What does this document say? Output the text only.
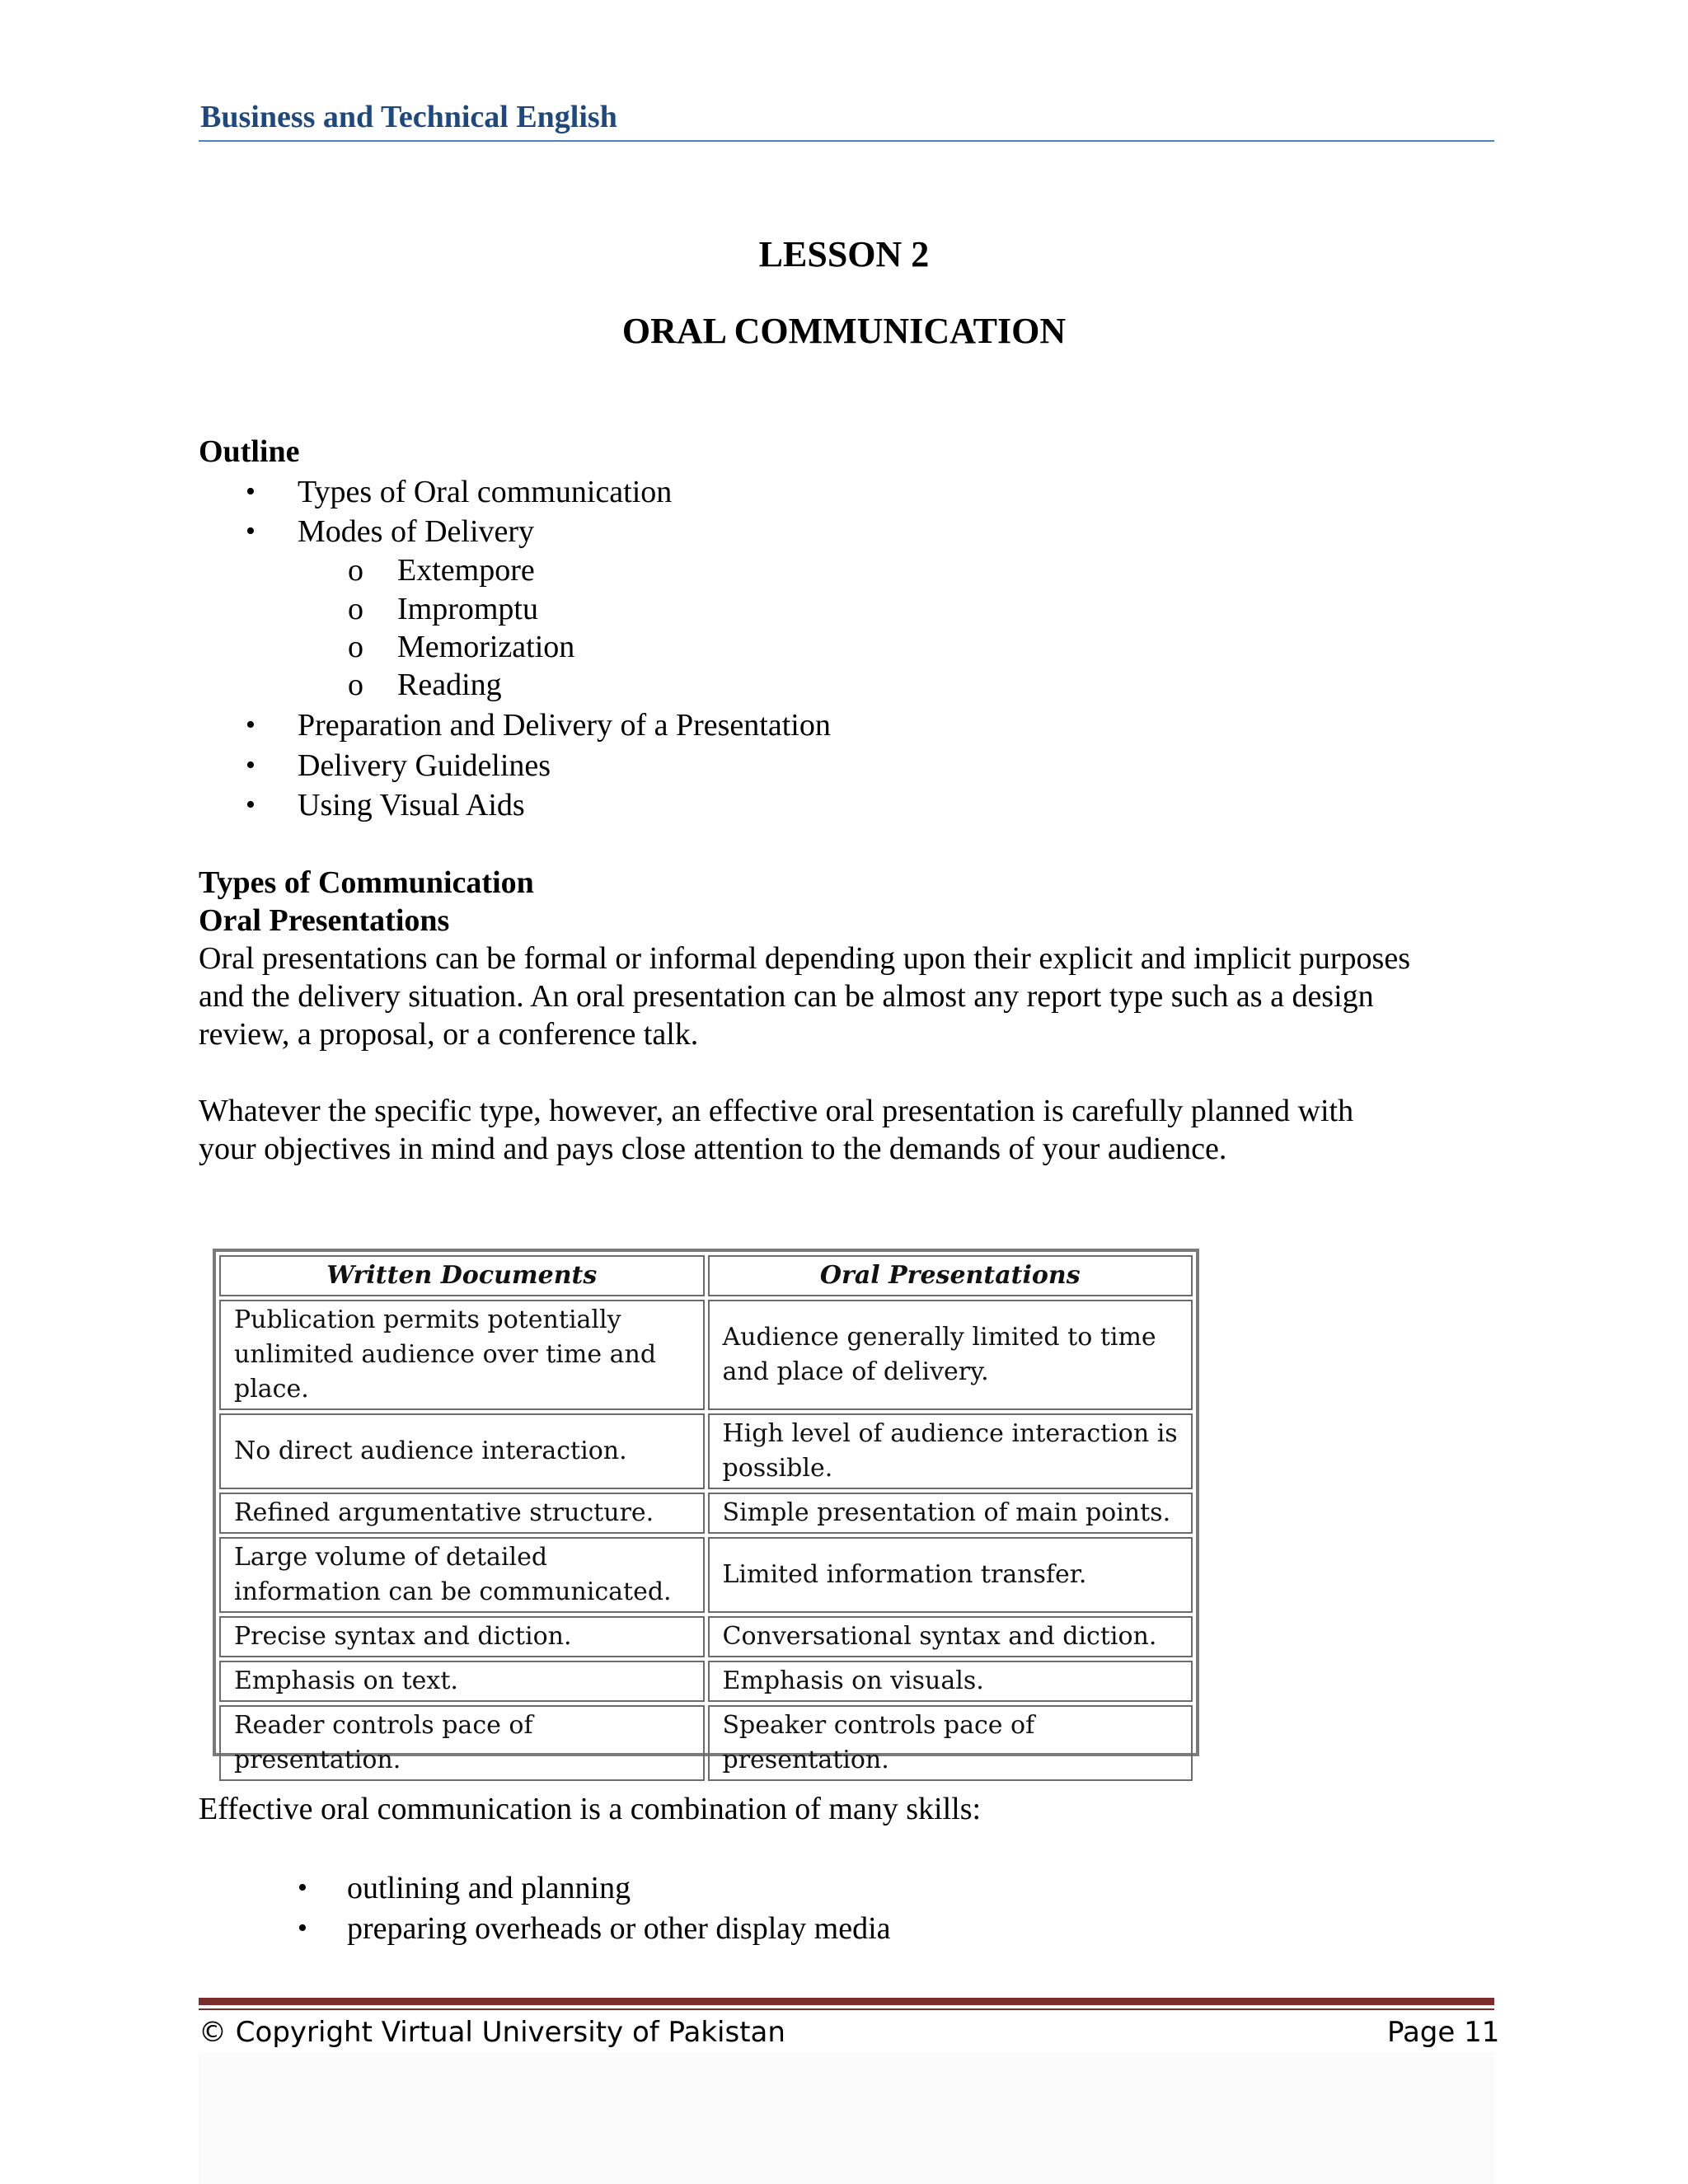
Business and Technical English
LESSON 2
ORAL COMMUNICATION
Outline
• Types of Oral communication
• Modes of Delivery
o Extempore
o Impromptu
o Memorization
o Reading
• Preparation and Delivery of a Presentation
• Delivery Guidelines
• Using Visual Aids
Types of Communication
Oral Presentations
Oral presentations can be formal or informal depending upon their explicit and implicit purposes
and the delivery situation. An oral presentation can be almost any report type such as a design
review, a proposal, or a conference talk.
Whatever the specific type, however, an effective oral presentation is carefully planned with
your objectives in mind and pays close attention to the demands of your audience.
Written Documents	Oral Presentations
Publication permits potentially unlimited audience over time and place.	Audience generally limited to time and place of delivery.
No direct audience interaction.	High level of audience interaction is possible.
Refined argumentative structure.	Simple presentation of main points.
Large volume of detailed information can be communicated.	Limited information transfer.
Precise syntax and diction.	Conversational syntax and diction.
Emphasis on text.	Emphasis on visuals.
Reader controls pace of presentation.	Speaker controls pace of presentation.
Effective oral communication is a combination of many skills:
• outlining and planning
• preparing overheads or other display media
© Copyright Virtual University of Pakistan	Page 11
